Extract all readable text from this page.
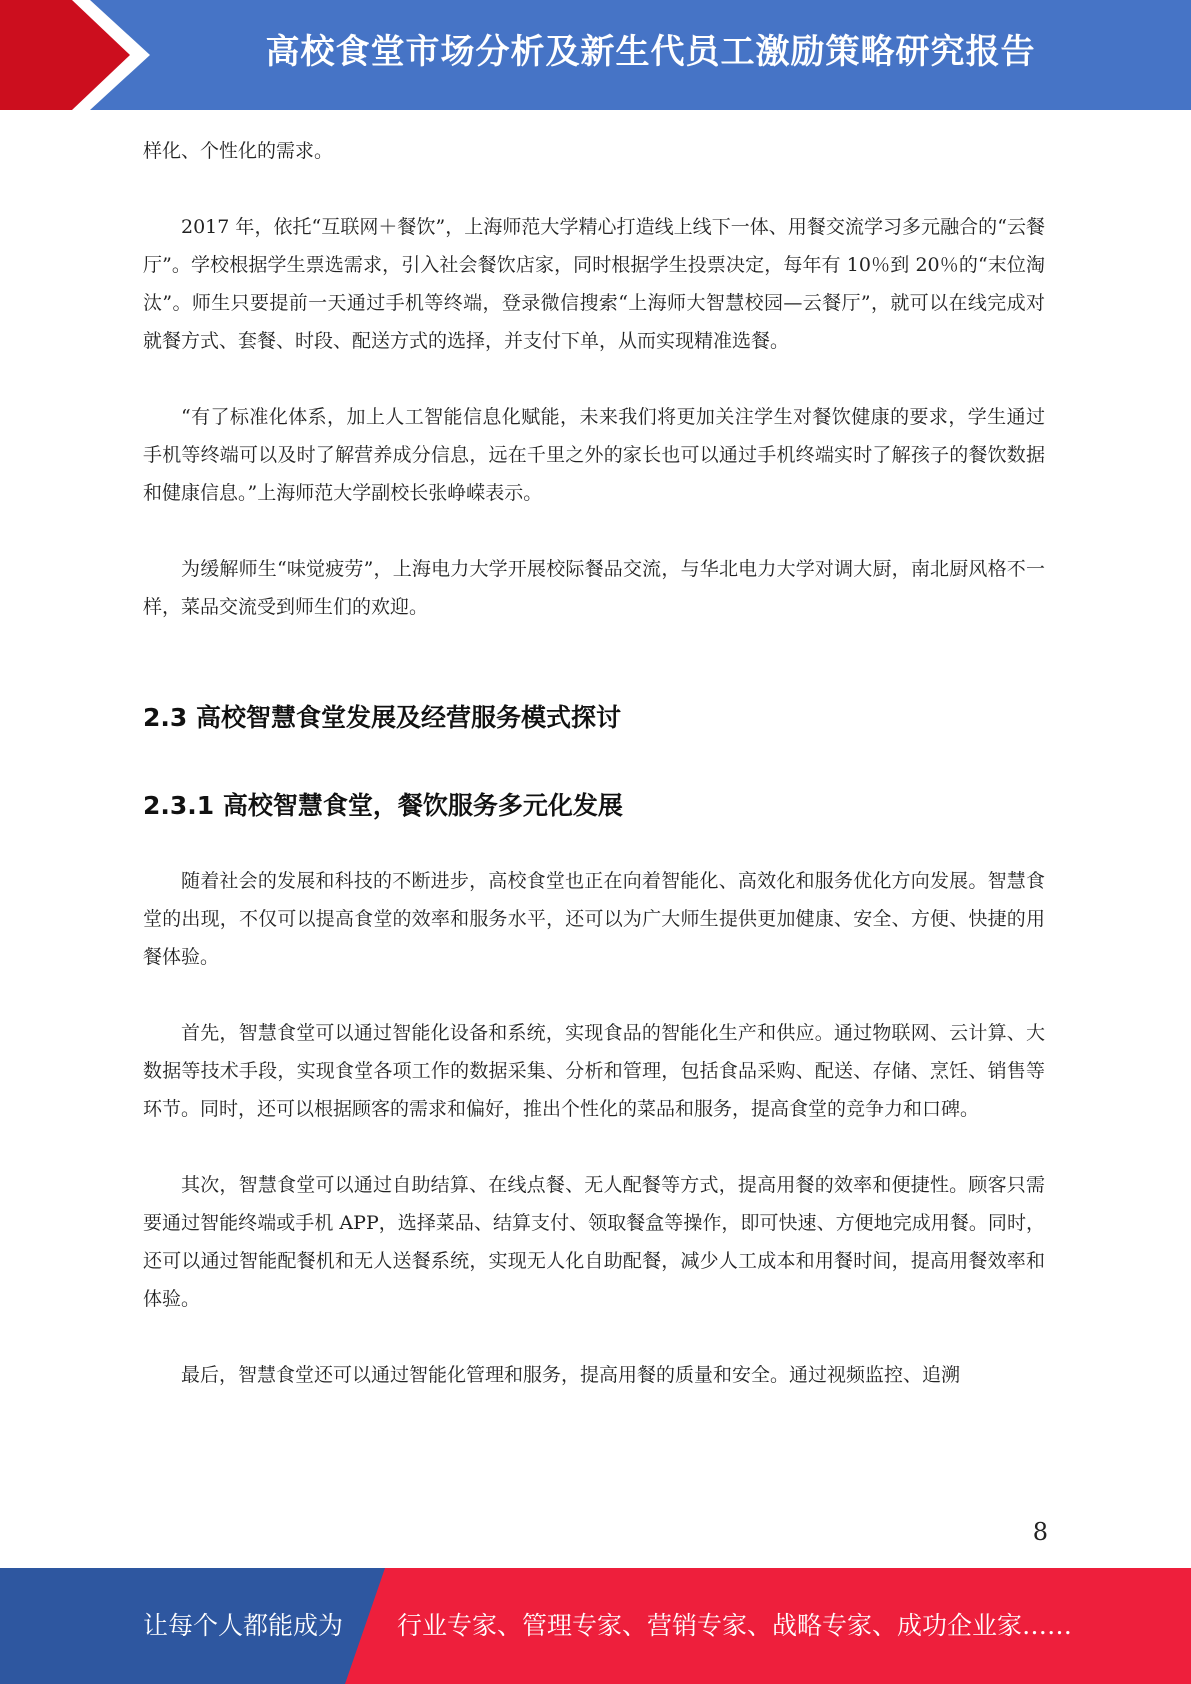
高校食堂市场分析及新生代员工激励策略研究报告

样化、个性化的需求。

2017 年，依托“互联网＋餐饮”，上海师范大学精心打造线上线下一体、用餐交流学习多元融合的“云餐厅”。学校根据学生票选需求，引入社会餐饮店家，同时根据学生投票决定，每年有 10％到 20％的“末位淘汰”。师生只要提前一天通过手机等终端，登录微信搜索“上海师大智慧校园—云餐厅”，就可以在线完成对就餐方式、套餐、时段、配送方式的选择，并支付下单，从而实现精准选餐。

“有了标准化体系，加上人工智能信息化赋能，未来我们将更加关注学生对餐饮健康的要求，学生通过手机等终端可以及时了解营养成分信息，远在千里之外的家长也可以通过手机终端实时了解孩子的餐饮数据和健康信息。”上海师范大学副校长张峥嵘表示。

为缓解师生“味觉疲劳”，上海电力大学开展校际餐品交流，与华北电力大学对调大厨，南北厨风格不一样，菜品交流受到师生们的欢迎。

2.3 高校智慧食堂发展及经营服务模式探讨
2.3.1 高校智慧食堂，餐饮服务多元化发展

随着社会的发展和科技的不断进步，高校食堂也正在向着智能化、高效化和服务优化方向发展。智慧食堂的出现，不仅可以提高食堂的效率和服务水平，还可以为广大师生提供更加健康、安全、方便、快捷的用餐体验。

首先，智慧食堂可以通过智能化设备和系统，实现食品的智能化生产和供应。通过物联网、云计算、大数据等技术手段，实现食堂各项工作的数据采集、分析和管理，包括食品采购、配送、存储、烹饪、销售等环节。同时，还可以根据顾客的需求和偏好，推出个性化的菜品和服务，提高食堂的竞争力和口碑。

其次，智慧食堂可以通过自助结算、在线点餐、无人配餐等方式，提高用餐的效率和便捷性。顾客只需要通过智能终端或手机 APP，选择菜品、结算支付、领取餐盒等操作，即可快速、方便地完成用餐。同时，还可以通过智能配餐机和无人送餐系统，实现无人化自助配餐，减少人工成本和用餐时间，提高用餐效率和体验。

最后，智慧食堂还可以通过智能化管理和服务，提高用餐的质量和安全。通过视频监控、追溯

8
让每个人都能成为 行业专家、管理专家、营销专家、战略专家、成功企业家……
